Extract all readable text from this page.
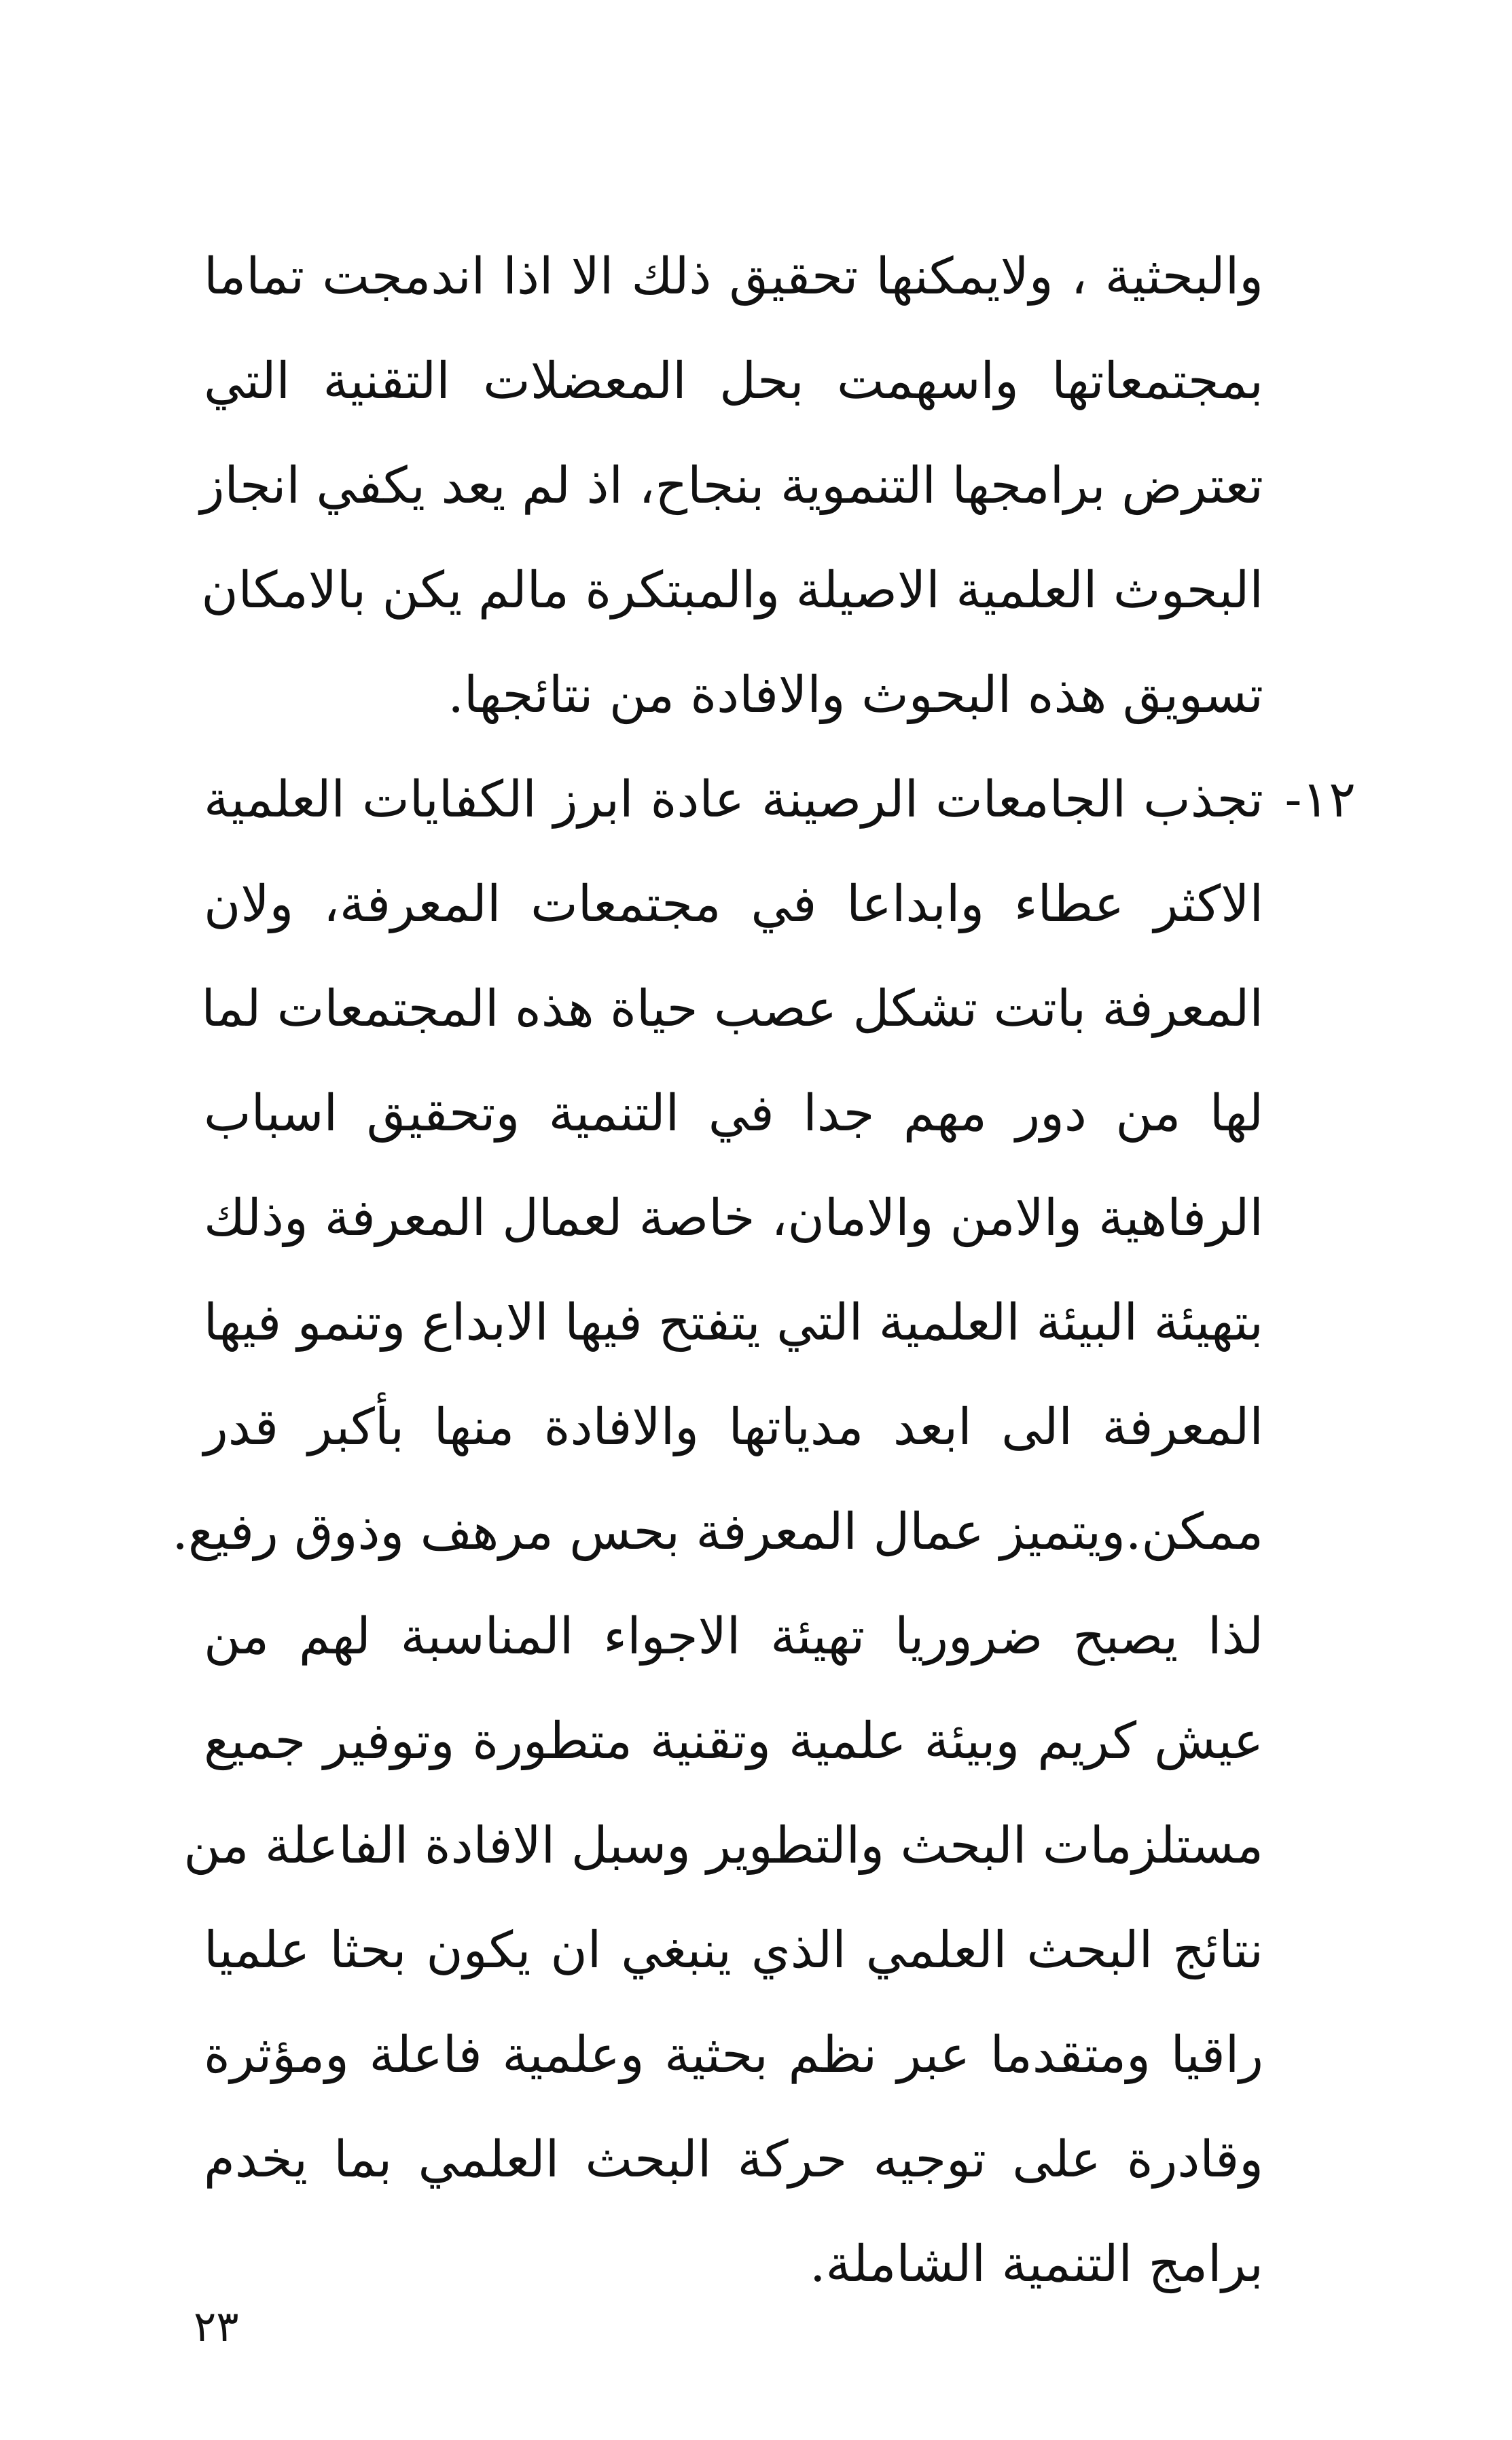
والبحثية ، ولايمكنها تحقيق ذلك الا اذا اندمجت تماما
بمجتمعاتها واسهمت بحل المعضلات التقنية التي
تعترض برامجها التنموية بنجاح، اذ لم يعد يكفي انجاز
البحوث العلمية الاصيلة والمبتكرة مالم يكن بالامكان
تسويق هذه البحوث والافادة من نتائجها.
١٢-
تجذب الجامعات الرصينة عادة ابرز الكفايات العلمية
الاكثر عطاء وابداعا في مجتمعات المعرفة، ولان
المعرفة باتت تشكل عصب حياة هذه المجتمعات لما
لها من دور مهم جدا في التنمية وتحقيق اسباب
الرفاهية والامن والامان، خاصة لعمال المعرفة وذلك
بتهيئة البيئة العلمية التي يتفتح فيها الابداع وتنمو فيها
المعرفة الى ابعد مدياتها والافادة منها بأكبر قدر
ممكن.ويتميز عمال المعرفة بحس مرهف وذوق رفيع.
لذا يصبح ضروريا تهيئة الاجواء المناسبة لهم من
عيش كريم وبيئة علمية وتقنية متطورة وتوفير جميع
مستلزمات البحث والتطوير وسبل الافادة الفاعلة من
نتائج البحث العلمي الذي ينبغي ان يكون بحثا علميا
راقيا ومتقدما عبر نظم بحثية وعلمية فاعلة ومؤثرة
وقادرة على توجيه حركة البحث العلمي بما يخدم
برامج التنمية الشاملة.
٢٣
